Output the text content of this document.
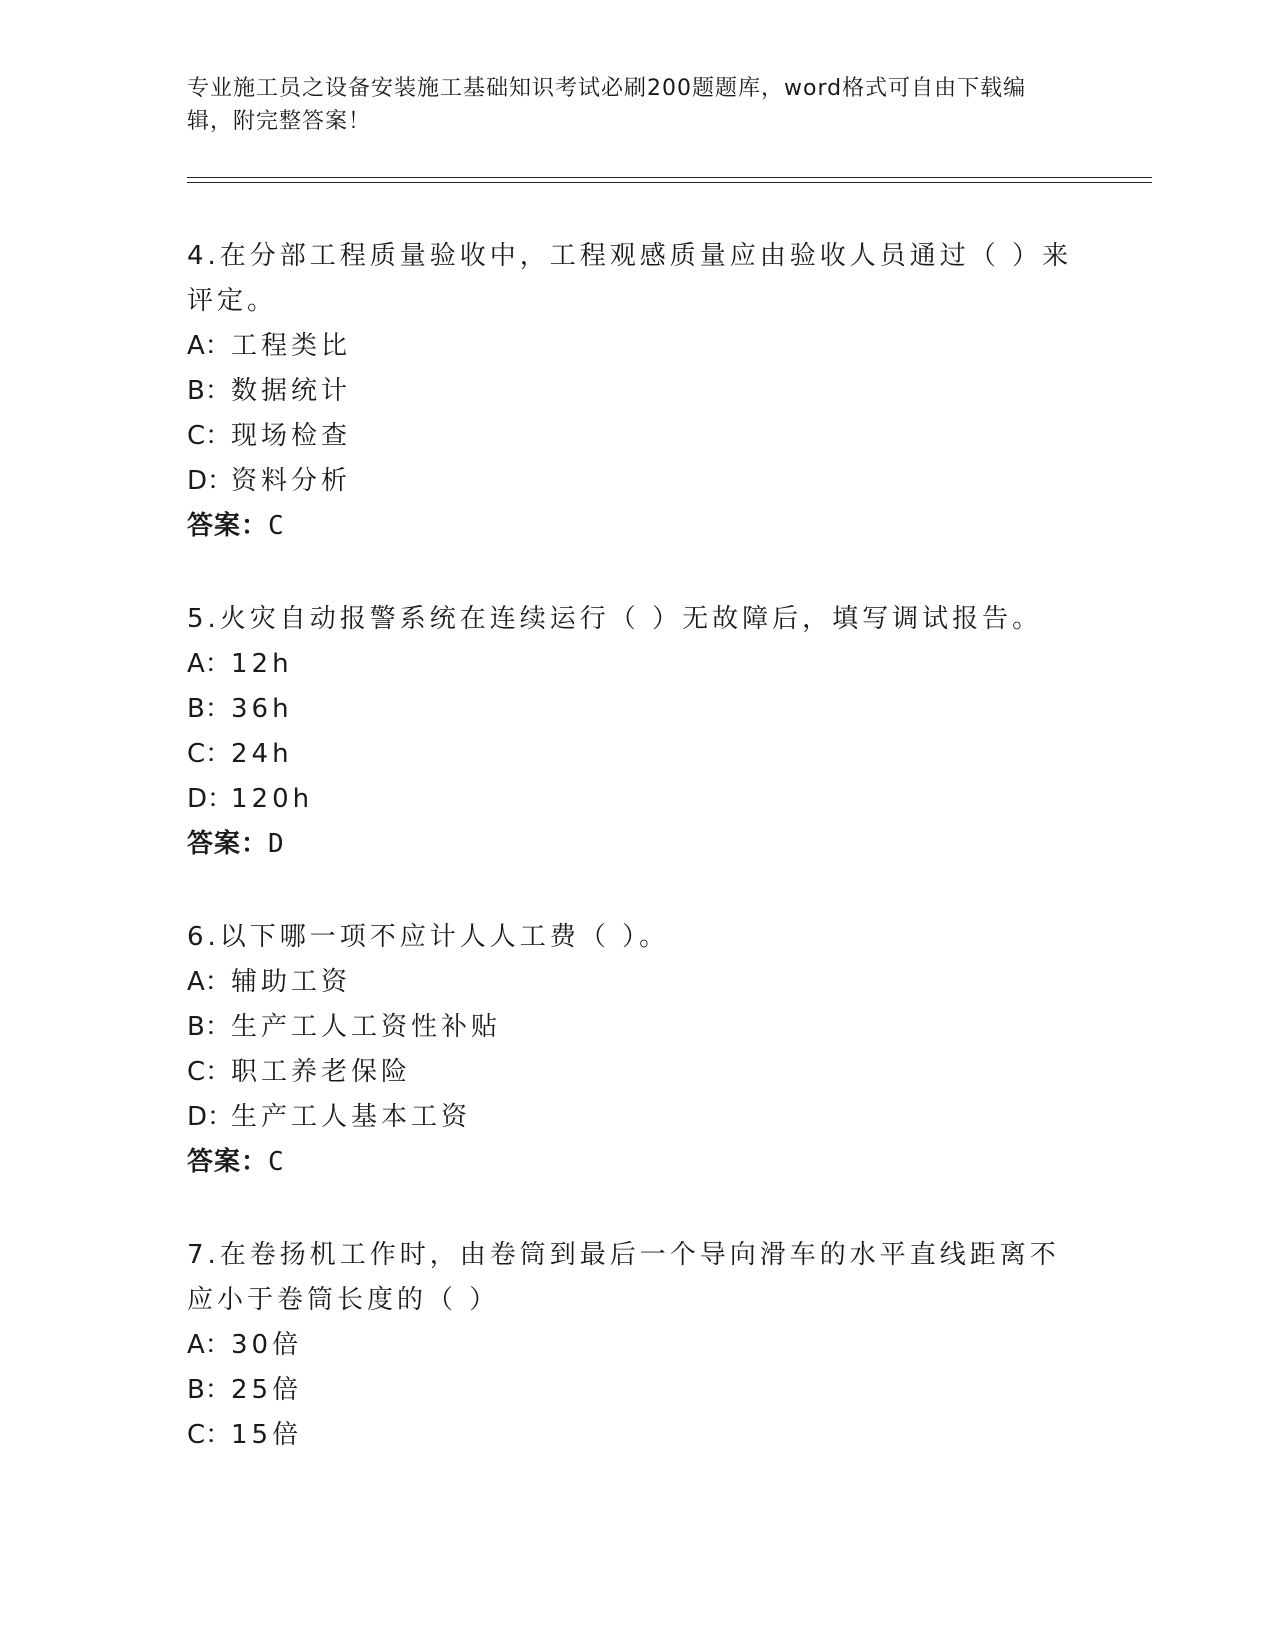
专业施工员之设备安装施工基础知识考试必刷200题题库，word格式可自由下载编辑，附完整答案！

4.在分部工程质量验收中，工程观感质量应由验收人员通过（ ）来评定。

A：工程类比

B：数据统计

C：现场检查

D：资料分析

答案：C

5.火灾自动报警系统在连续运行（ ）无故障后，填写调试报告。

A：12h

B：36h

C：24h

D：120h

答案：D

6.以下哪一项不应计人人工费（ ）。

A：辅助工资

B：生产工人工资性补贴

C：职工养老保险

D：生产工人基本工资

答案：C

7.在卷扬机工作时，由卷筒到最后一个导向滑车的水平直线距离不应小于卷筒长度的（ ）

A：30倍

B：25倍

C：15倍
